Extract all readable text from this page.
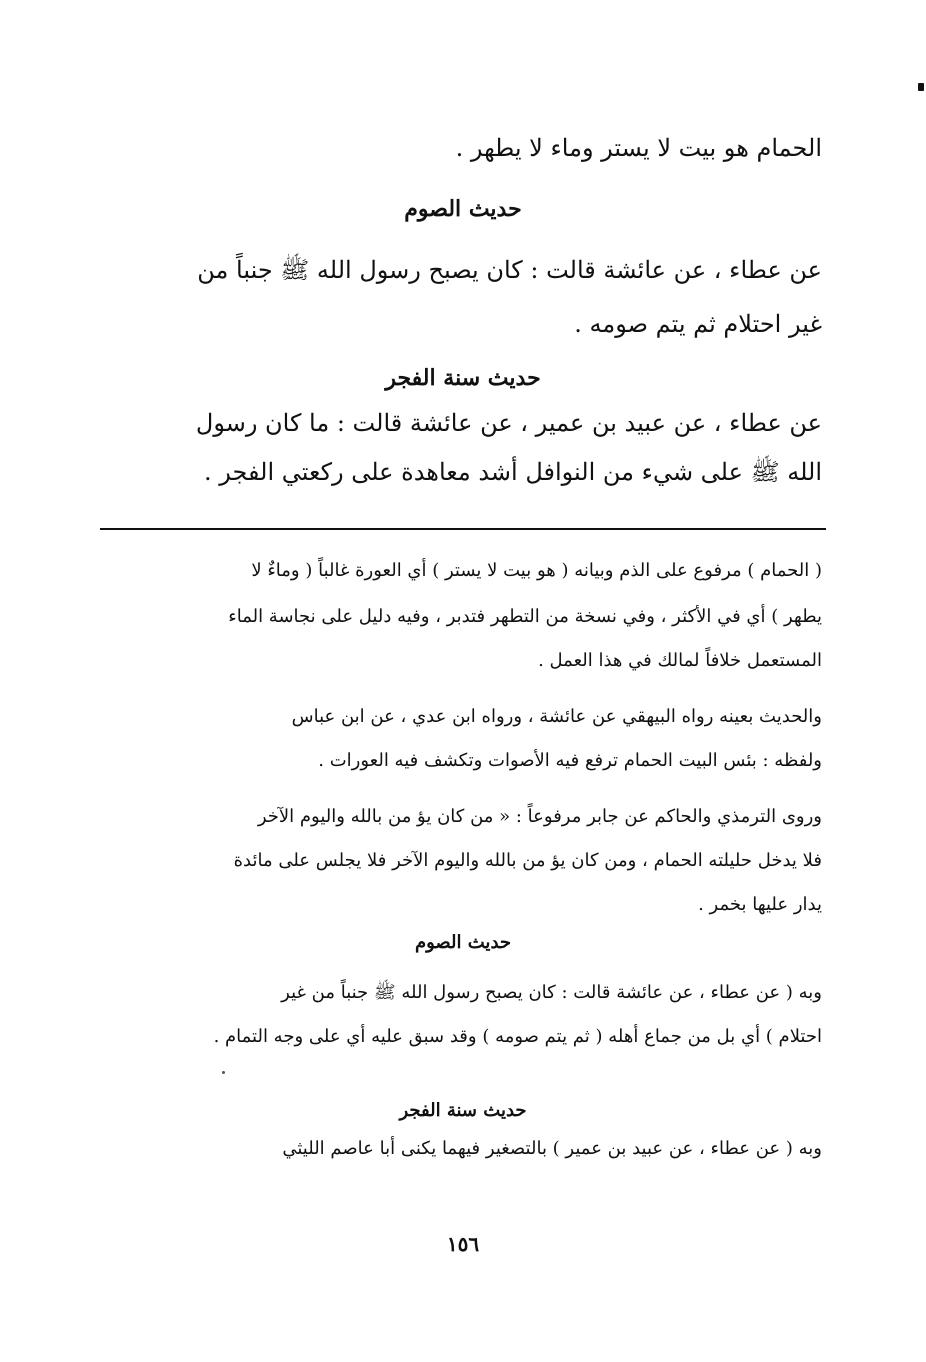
الحمام هو بيت لا يستر وماء لا يطهر .
حديث الصوم
عن عطاء ، عن عائشة قالت : كان يصبح رسول الله ﷺ جنباً من
غير احتلام ثم يتم صومه .
حديث سنة الفجر
عن عطاء ، عن عبيد بن عمير ، عن عائشة قالت : ما كان رسول
الله ﷺ على شيء من النوافل أشد معاهدة على ركعتي الفجر .
( الحمام ) مرفوع على الذم وبيانه ( هو بيت لا يستر ) أي العورة غالباً ( وماءٌ لا
يطهر ) أي في الأكثر ، وفي نسخة من التطهر فتدبر ، وفيه دليل على نجاسة الماء
المستعمل خلافاً لمالك في هذا العمل .
والحديث بعينه رواه البيهقي عن عائشة ، ورواه ابن عدي ، عن ابن عباس
ولفظه : بئس البيت الحمام ترفع فيه الأصوات وتكشف فيه العورات .
وروى الترمذي والحاكم عن جابر مرفوعاً : « من كان يؤ من بالله واليوم الآخر
فلا يدخل حليلته الحمام ، ومن كان يؤ من بالله واليوم الآخر فلا يجلس على مائدة
يدار عليها بخمر .
حديث الصوم
وبه ( عن عطاء ، عن عائشة قالت : كان يصبح رسول الله ﷺ جنباً من غير
احتلام ) أي بل من جماع أهله ( ثم يتم صومه ) وقد سبق عليه أي على وجه التمام .
حديث سنة الفجر
وبه ( عن عطاء ، عن عبيد بن عمير ) بالتصغير فيهما يكنى أبا عاصم الليثي
١٥٦
